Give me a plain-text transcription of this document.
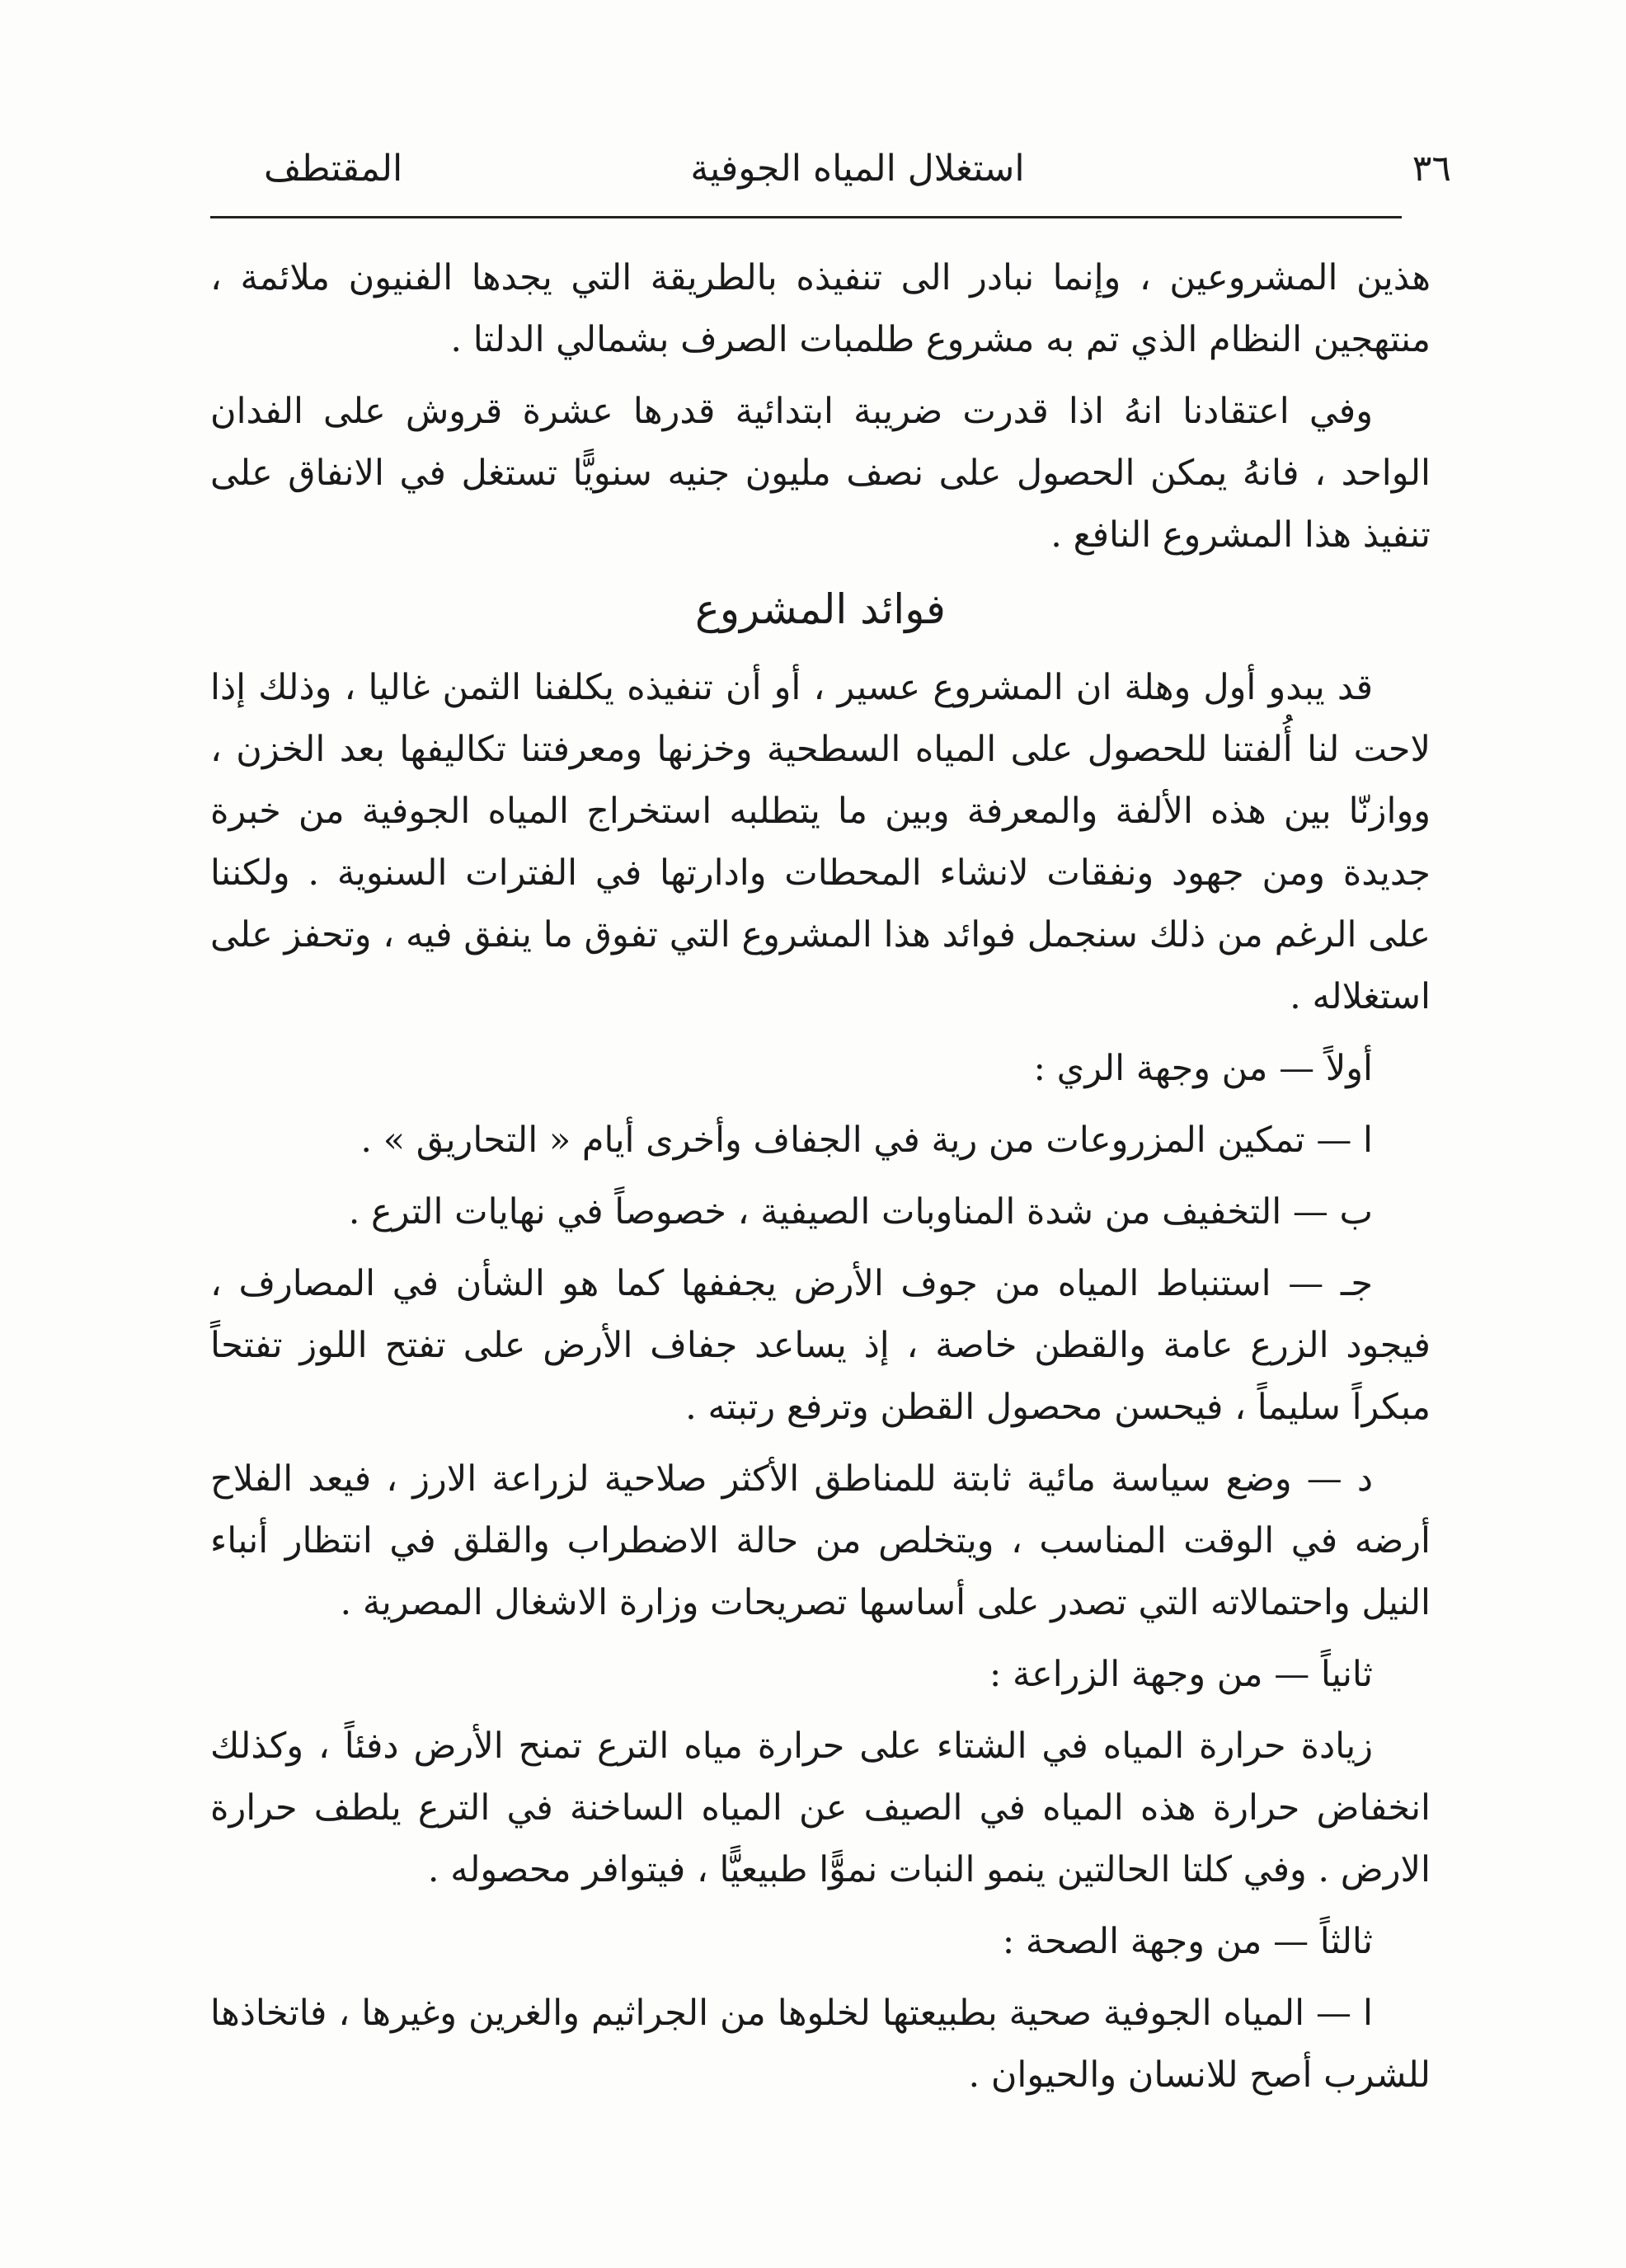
٣٦
استغلال المياه الجوفية
المقتطف

هذين المشروعين ، وإنما نبادر الى تنفيذه بالطريقة التي يجدها الفنيون ملائمة ، منتهجين النظام الذي تم به مشروع طلمبات الصرف بشمالي الدلتا .

وفي اعتقادنا انهُ اذا قدرت ضريبة ابتدائية قدرها عشرة قروش على الفدان الواحد ، فانهُ يمكن الحصول على نصف مليون جنيه سنويًّا تستغل في الانفاق على تنفيذ هذا المشروع النافع .

فوائد المشروع

قد يبدو أول وهلة ان المشروع عسير ، أو أن تنفيذه يكلفنا الثمن غاليا ، وذلك إذا لاحت لنا أُلفتنا للحصول على المياه السطحية وخزنها ومعرفتنا تكاليفها بعد الخزن ، ووازنّا بين هذه الألفة والمعرفة وبين ما يتطلبه استخراج المياه الجوفية من خبرة جديدة ومن جهود ونفقات لانشاء المحطات وادارتها في الفترات السنوية . ولكننا على الرغم من ذلك سنجمل فوائد هذا المشروع التي تفوق ما ينفق فيه ، وتحفز على استغلاله .

أولاً — من وجهة الري :

ا — تمكين المزروعات من رية في الجفاف وأخرى أيام « التحاريق » .

ب — التخفيف من شدة المناوبات الصيفية ، خصوصاً في نهايات الترع .

جـ — استنباط المياه من جوف الأرض يجففها كما هو الشأن في المصارف ، فيجود الزرع عامة والقطن خاصة ، إذ يساعد جفاف الأرض على تفتح اللوز تفتحاً مبكراً سليماً ، فيحسن محصول القطن وترفع رتبته .

د — وضع سياسة مائية ثابتة للمناطق الأكثر صلاحية لزراعة الارز ، فيعد الفلاح أرضه في الوقت المناسب ، ويتخلص من حالة الاضطراب والقلق في انتظار أنباء النيل واحتمالاته التي تصدر على أساسها تصريحات وزارة الاشغال المصرية .

ثانياً — من وجهة الزراعة :

زيادة حرارة المياه في الشتاء على حرارة مياه الترع تمنح الأرض دفئاً ، وكذلك انخفاض حرارة هذه المياه في الصيف عن المياه الساخنة في الترع يلطف حرارة الارض . وفي كلتا الحالتين ينمو النبات نموًّا طبيعيًّا ، فيتوافر محصوله .

ثالثاً — من وجهة الصحة :

ا — المياه الجوفية صحية بطبيعتها لخلوها من الجراثيم والغرين وغيرها ، فاتخاذها للشرب أصح للانسان والحيوان .
